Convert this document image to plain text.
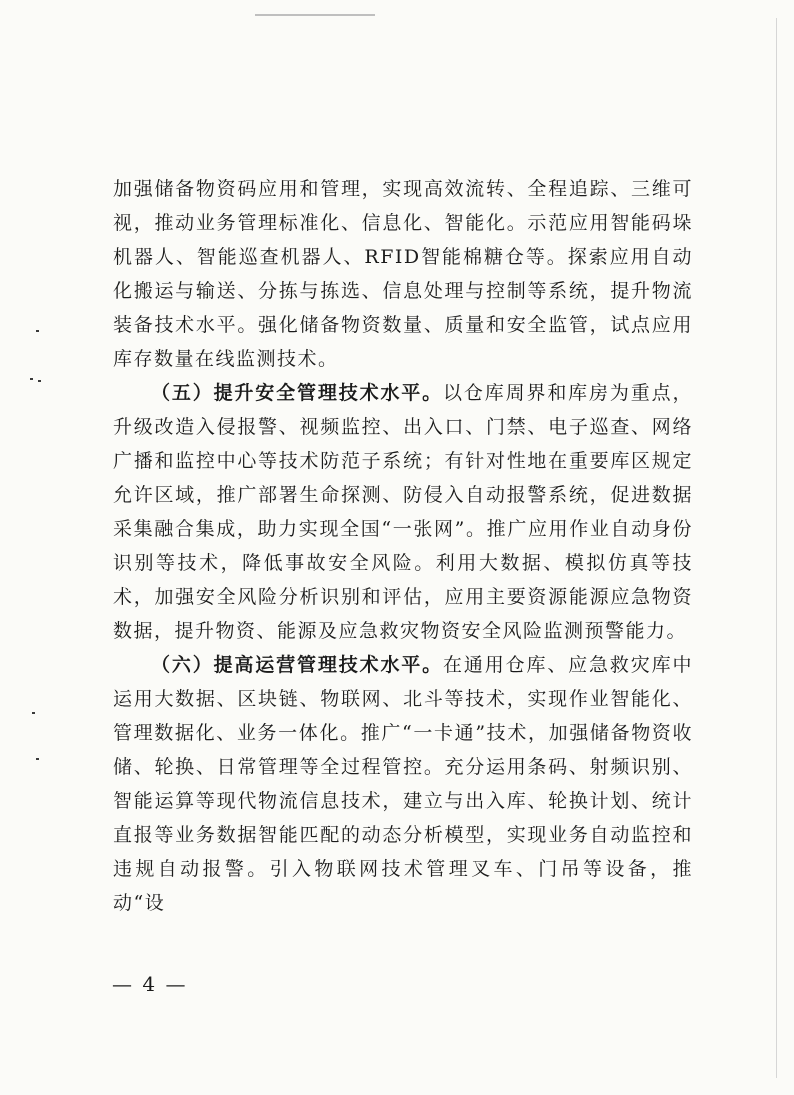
加强储备物资码应用和管理，实现高效流转、全程追踪、三维可视，推动业务管理标准化、信息化、智能化。示范应用智能码垛机器人、智能巡查机器人、RFID智能棉糖仓等。探索应用自动化搬运与输送、分拣与拣选、信息处理与控制等系统，提升物流装备技术水平。强化储备物资数量、质量和安全监管，试点应用库存数量在线监测技术。

（五）提升安全管理技术水平。以仓库周界和库房为重点，升级改造入侵报警、视频监控、出入口、门禁、电子巡查、网络广播和监控中心等技术防范子系统；有针对性地在重要库区规定允许区域，推广部署生命探测、防侵入自动报警系统，促进数据采集融合集成，助力实现全国“一张网”。推广应用作业自动身份识别等技术，降低事故安全风险。利用大数据、模拟仿真等技术，加强安全风险分析识别和评估，应用主要资源能源应急物资数据，提升物资、能源及应急救灾物资安全风险监测预警能力。

（六）提高运营管理技术水平。在通用仓库、应急救灾库中运用大数据、区块链、物联网、北斗等技术，实现作业智能化、管理数据化、业务一体化。推广“一卡通”技术，加强储备物资收储、轮换、日常管理等全过程管控。充分运用条码、射频识别、智能运算等现代物流信息技术，建立与出入库、轮换计划、统计直报等业务数据智能匹配的动态分析模型，实现业务自动监控和违规自动报警。引入物联网技术管理叉车、门吊等设备，推动“设

— 4 —
